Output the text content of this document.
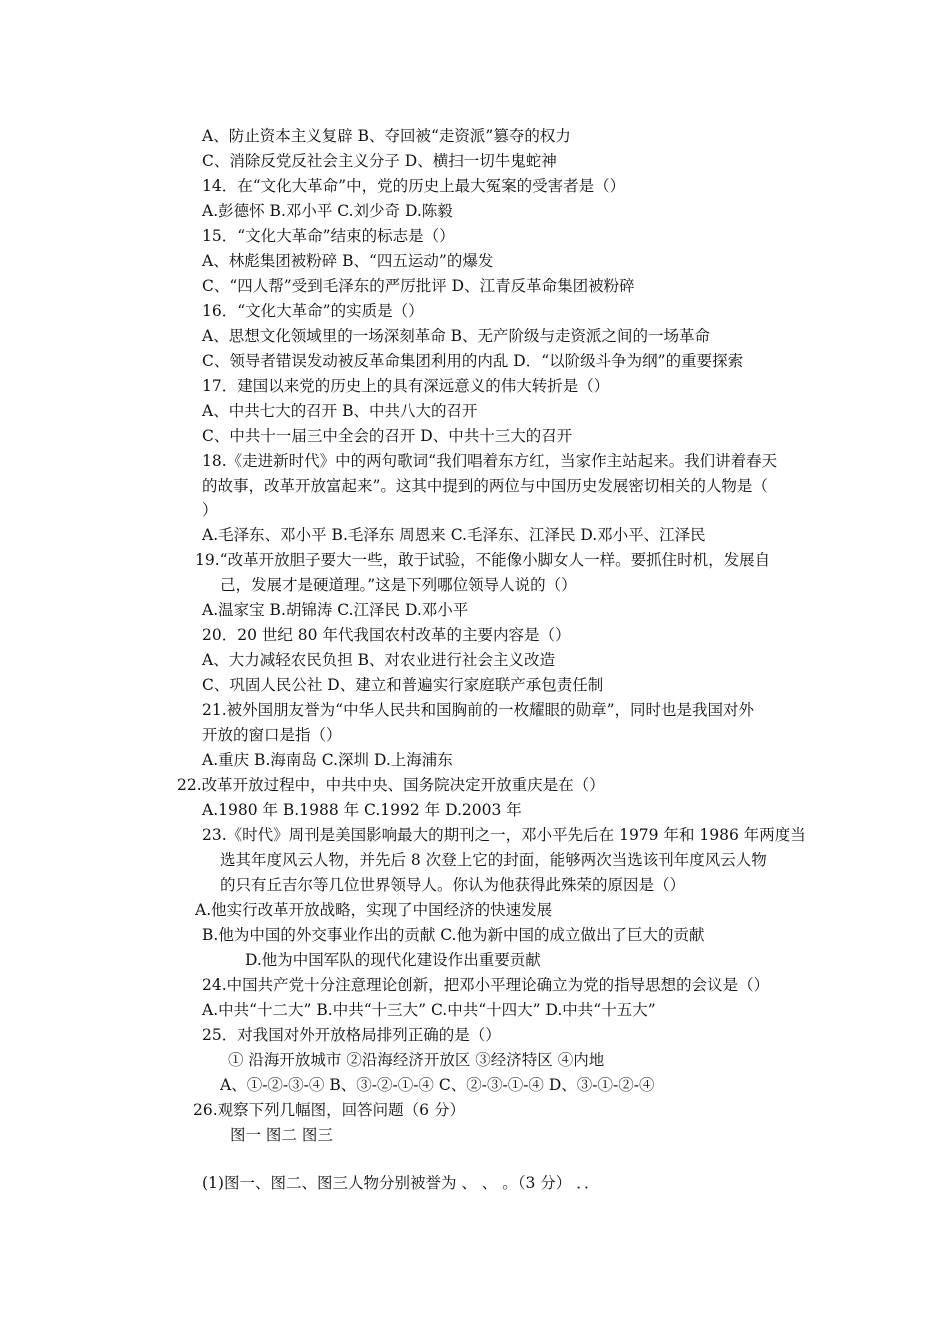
A、防止资本主义复辟 B、夺回被“走资派”篡夺的权力
C、消除反党反社会主义分子 D、横扫一切牛鬼蛇神
14．在“文化大革命”中，党的历史上最大冤案的受害者是（）
A.彭德怀 B.邓小平 C.刘少奇 D.陈毅
15．“文化大革命”结束的标志是（）
A、林彪集团被粉碎 B、“四五运动”的爆发
C、“四人帮”受到毛泽东的严厉批评 D、江青反革命集团被粉碎
16．“文化大革命”的实质是（）
A、思想文化领域里的一场深刻革命 B、无产阶级与走资派之间的一场革命
C、领导者错误发动被反革命集团利用的内乱 D．“以阶级斗争为纲”的重要探索
17．建国以来党的历史上的具有深远意义的伟大转折是（）
A、中共七大的召开 B、中共八大的召开
C、中共十一届三中全会的召开 D、中共十三大的召开
18.《走进新时代》中的两句歌词“我们唱着东方红，当家作主站起来。我们讲着春天
的故事，改革开放富起来”。这其中提到的两位与中国历史发展密切相关的人物是（
）
A.毛泽东、邓小平 B.毛泽东 周恩来 C.毛泽东、江泽民 D.邓小平、江泽民
19.“改革开放胆子要大一些，敢于试验，不能像小脚女人一样。要抓住时机，发展自
己，发展才是硬道理。”这是下列哪位领导人说的（）
A.温家宝 B.胡锦涛 C.江泽民 D.邓小平
20．20 世纪 80 年代我国农村改革的主要内容是（）
A、大力减轻农民负担 B、对农业进行社会主义改造
C、巩固人民公社 D、建立和普遍实行家庭联产承包责任制
21.被外国朋友誉为“中华人民共和国胸前的一枚耀眼的勋章”，同时也是我国对外
开放的窗口是指（）
A.重庆 B.海南岛 C.深圳 D.上海浦东
22.改革开放过程中，中共中央、国务院决定开放重庆是在（）
A.1980 年 B.1988 年 C.1992 年 D.2003 年
23.《时代》周刊是美国影响最大的期刊之一，邓小平先后在 1979 年和 1986 年两度当
选其年度风云人物，并先后 8 次登上它的封面，能够两次当选该刊年度风云人物
的只有丘吉尔等几位世界领导人。你认为他获得此殊荣的原因是（）
A.他实行改革开放战略，实现了中国经济的快速发展
B.他为中国的外交事业作出的贡献 C.他为新中国的成立做出了巨大的贡献
D.他为中国军队的现代化建设作出重要贡献
24.中国共产党十分注意理论创新，把邓小平理论确立为党的指导思想的会议是（）
A.中共“十二大” B.中共“十三大” C.中共“十四大” D.中共“十五大”
25．对我国对外开放格局排列正确的是（）
① 沿海开放城市 ②沿海经济开放区 ③经济特区 ④内地
A、①-②-③-④ B、③-②-①-④ C、②-③-①-④ D、③-①-②-④
26.观察下列几幅图，回答问题（6 分）
图一 图二 图三
(1)图一、图二、图三人物分别被誉为 、 、 。（3 分） ．．
